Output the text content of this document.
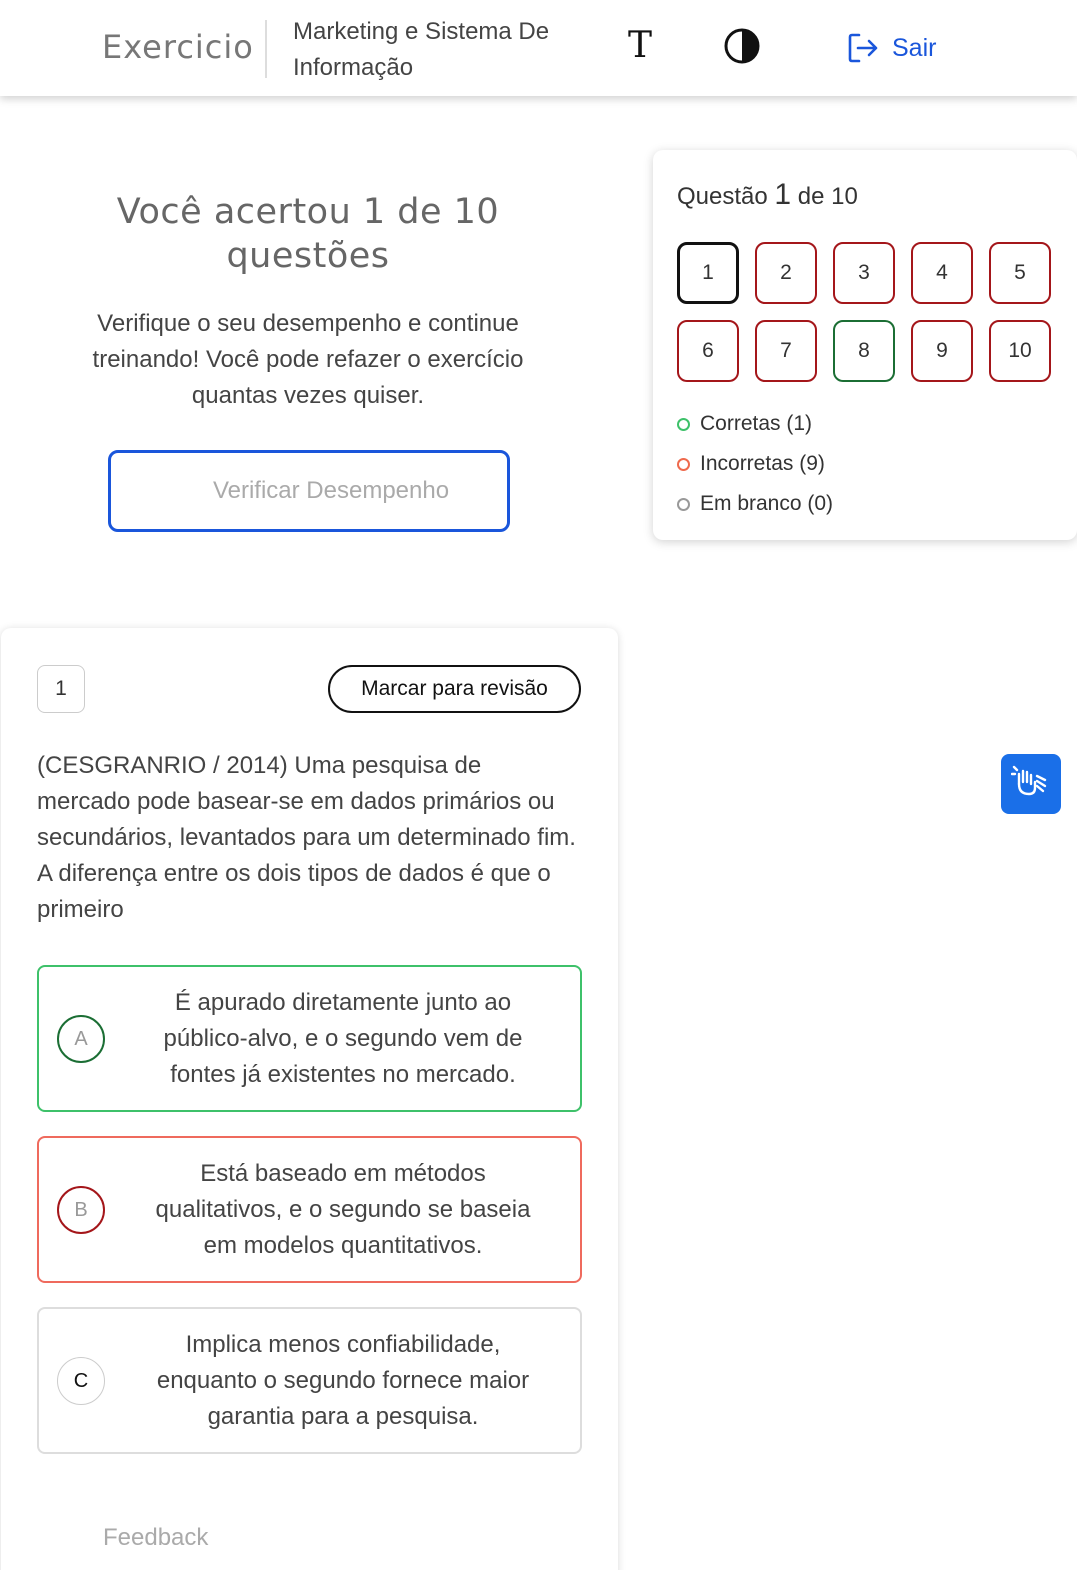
Exercicio Marketing e Sistema De Informação
T	Sair
Você acertou 1 de 10 questões
Verifique o seu desempenho e continue treinando! Você pode refazer o exercício quantas vezes quiser.
Verificar Desempenho
Questão 1 de 10
1	2	3	4	5
6	7	8	9	10
Corretas (1)
Incorretas (9)
Em branco (0)
1	Marcar para revisão
(CESGRANRIO / 2014) Uma pesquisa de mercado pode basear-se em dados primários ou secundários, levantados para um determinado fim. A diferença entre os dois tipos de dados é que o primeiro
A
É apurado diretamente junto ao público-alvo, e o segundo vem de fontes já existentes no mercado.
B
Está baseado em métodos qualitativos, e o segundo se baseia em modelos quantitativos.
C
Implica menos confiabilidade, enquanto o segundo fornece maior garantia para a pesquisa.
Feedback
